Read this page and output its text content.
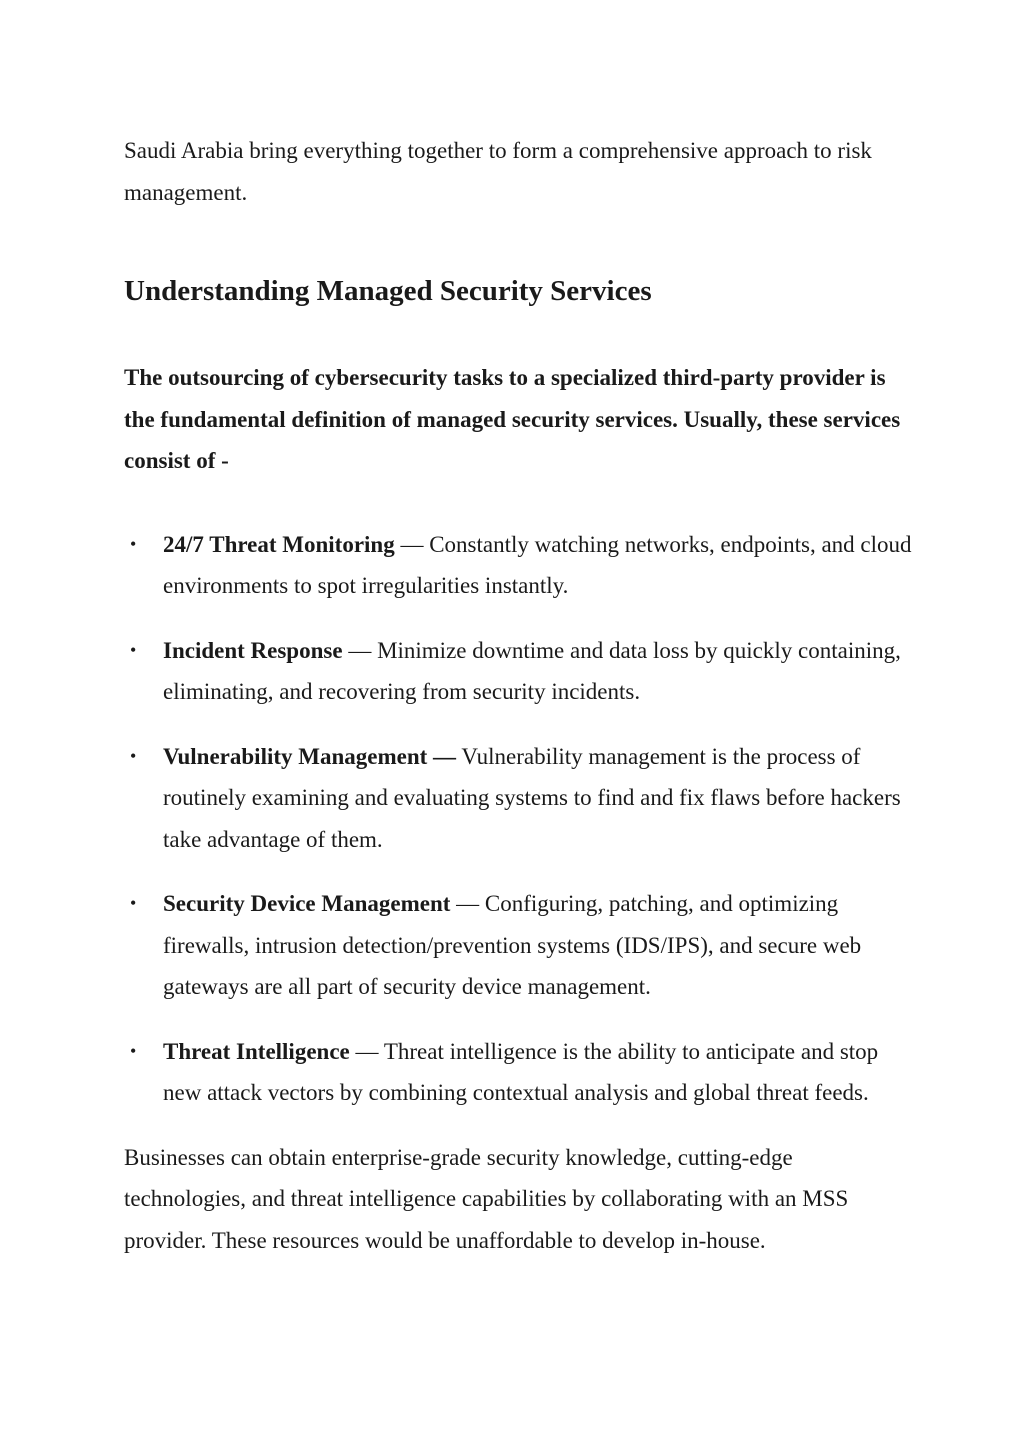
Saudi Arabia bring everything together to form a comprehensive approach to risk management.

Understanding Managed Security Services

The outsourcing of cybersecurity tasks to a specialized third-party provider is the fundamental definition of managed security services. Usually, these services consist of -

• 24/7 Threat Monitoring — Constantly watching networks, endpoints, and cloud environments to spot irregularities instantly.
• Incident Response — Minimize downtime and data loss by quickly containing, eliminating, and recovering from security incidents.
• Vulnerability Management — Vulnerability management is the process of routinely examining and evaluating systems to find and fix flaws before hackers take advantage of them.
• Security Device Management — Configuring, patching, and optimizing firewalls, intrusion detection/prevention systems (IDS/IPS), and secure web gateways are all part of security device management.
• Threat Intelligence — Threat intelligence is the ability to anticipate and stop new attack vectors by combining contextual analysis and global threat feeds.

Businesses can obtain enterprise-grade security knowledge, cutting-edge technologies, and threat intelligence capabilities by collaborating with an MSS provider. These resources would be unaffordable to develop in-house.
